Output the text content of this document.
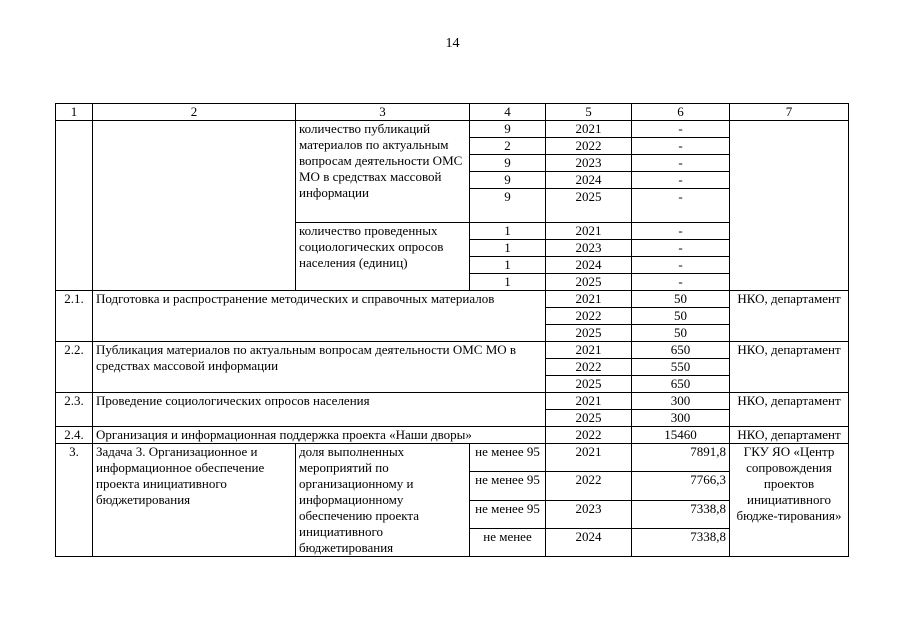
14
1	2	3	4	5	6	7
		количество публикаций материалов по актуальным вопросам деятельности ОМС МО в средствах массовой информации	9	2021	-	
			2	2022	-	
			9	2023	-	
			9	2024	-	
			9	2025	-	
		количество проведенных социологических опросов населения (единиц)	1	2021	-	
			1	2023	-	
			1	2024	-	
			1	2025	-	
2.1.	Подготовка и распространение методических и справочных материалов			2021	50	НКО, департамент
				2022	50	
				2025	50	
2.2.	Публикация материалов по актуальным вопросам деятельности ОМС МО в средствах массовой информации			2021	650	НКО, департамент
				2022	550	
				2025	650	
2.3.	Проведение социологических опросов населения			2021	300	НКО, департамент
				2025	300	
2.4.	Организация и информационная поддержка проекта «Наши дворы»			2022	15460	НКО, департамент
3.	Задача 3. Организационное и информационное обеспечение проекта инициативного бюджетирования	доля выполненных мероприятий по организационному и информационному обеспечению проекта инициативного бюджетирования	не менее 95	2021	7891,8	ГКУ ЯО «Центр сопровождения проектов инициативного бюдже-тирования»
			не менее 95	2022	7766,3	
			не менее 95	2023	7338,8	
			не менее	2024	7338,8	
